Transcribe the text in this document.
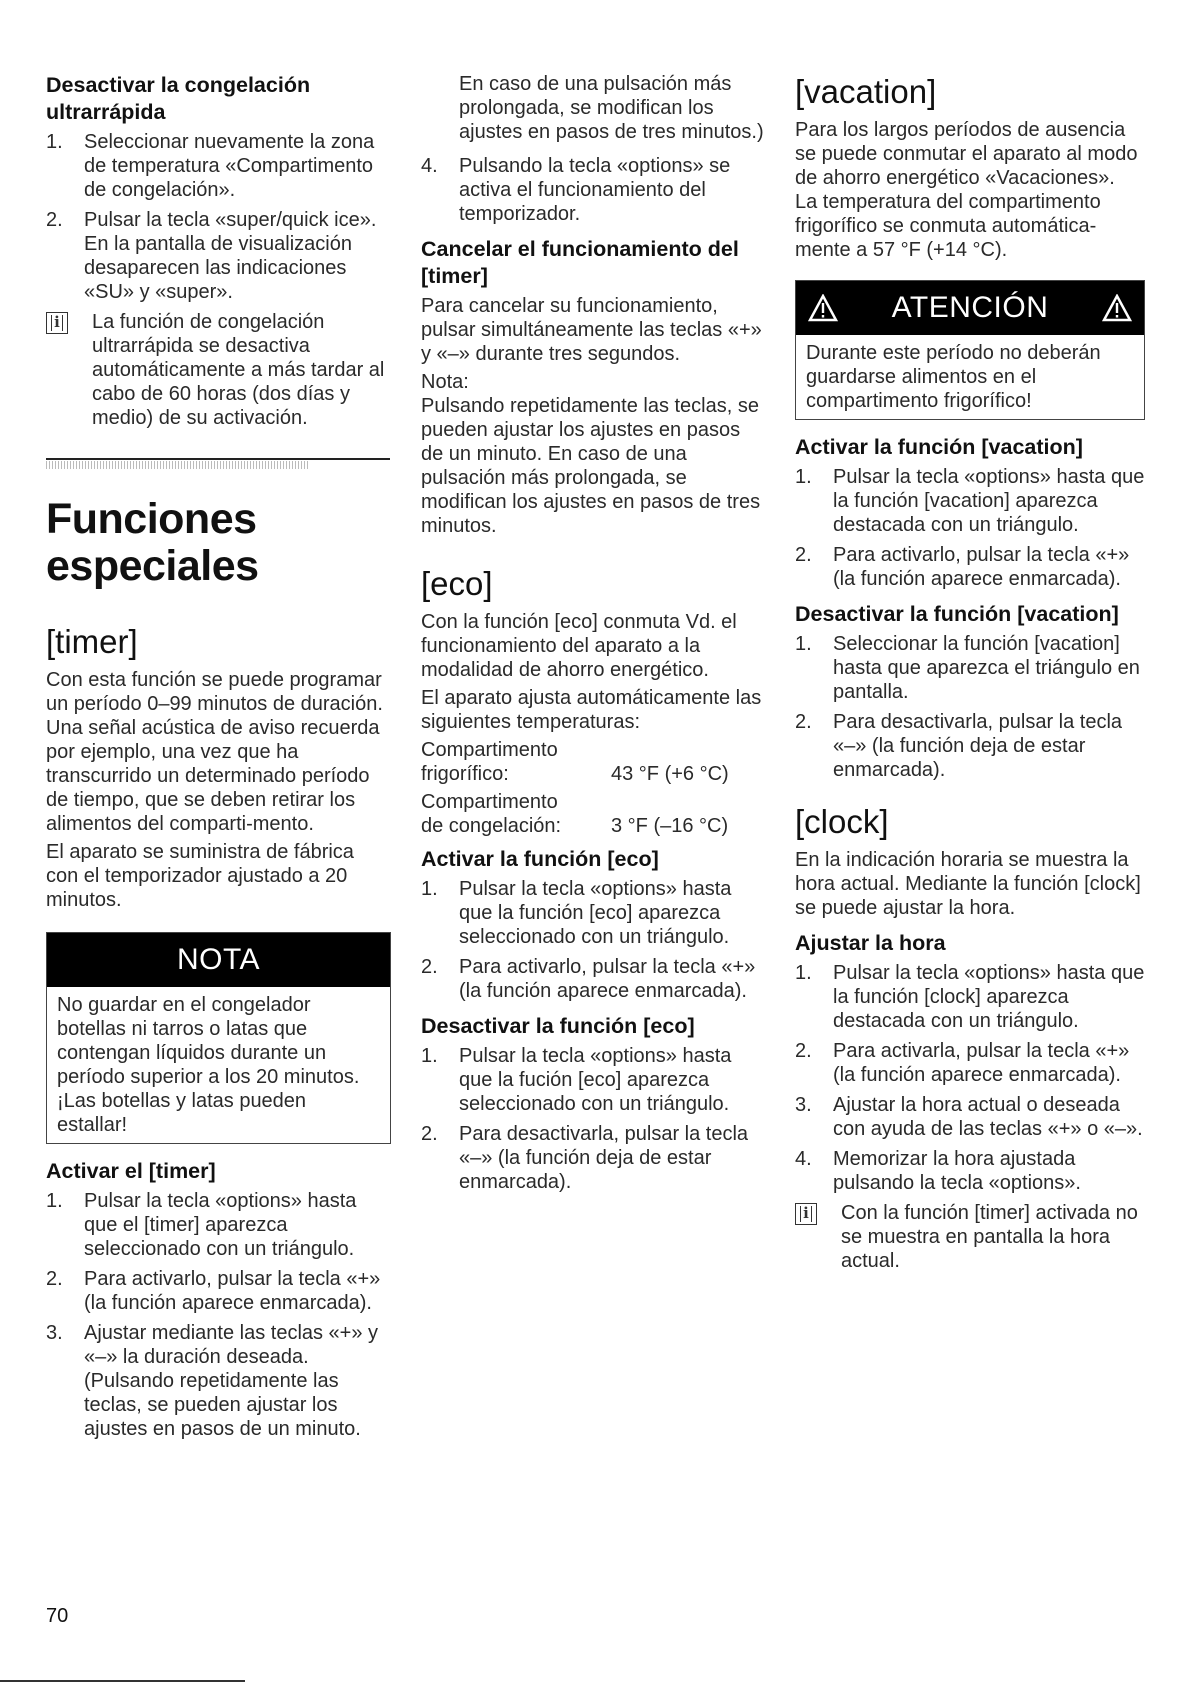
Desactivar la congelación ultrarrápida
1. Seleccionar nuevamente la zona de temperatura «Compartimento de congelación».
2. Pulsar la tecla «super/quick ice». En la pantalla de visualización desaparecen las indicaciones «SU» y «super».
i	La función de congelación ultrarrápida se desactiva automáticamente a más tardar al cabo de 60 horas (dos días y medio) de su activación.

Funciones especiales
[timer]

Con esta función se puede programar un período 0–99 minutos de duración. Una señal acústica de aviso recuerda por ejemplo, una vez que ha transcurrido un determinado período de tiempo, que se deben retirar los alimentos del comparti-mento.

El aparato se suministra de fábrica con el temporizador ajustado a 20 minutos.

NOTA

No guardar en el congelador botellas ni tarros o latas que contengan líquidos durante un período superior a los 20 minutos. ¡Las botellas y latas pueden estallar!

Activar el [timer]
1. Pulsar la tecla «options» hasta que el [timer] aparezca seleccionado con un triángulo.
2. Para activarlo, pulsar la tecla «+» (la función aparece enmarcada).
3. Ajustar mediante las teclas «+» y «–» la duración deseada. (Pulsando repetidamente las teclas, se pueden ajustar los ajustes en pasos de un minuto.

En caso de una pulsación más prolongada, se modifican los ajustes en pasos de tres minutos.)

4. Pulsando la tecla «options» se activa el funcionamiento del temporizador.
Cancelar el funcionamiento del [timer]

Para cancelar su funcionamiento, pulsar simultáneamente las teclas «+» y «–» durante tres segundos.

Nota:

Pulsando repetidamente las teclas, se pueden ajustar los ajustes en pasos de un minuto. En caso de una pulsación más prolongada, se modifican los ajustes en pasos de tres minutos.

[eco]

Con la función [eco] conmuta Vd. el funcionamiento del aparato a la modalidad de ahorro energético.

El aparato ajusta automáticamente las siguientes temperaturas:

Compartimento

frigorífico:	43 °F (+6 °C)

Compartimento

de congelación:	3 °F (–16 °C)

Activar la función [eco]
1. Pulsar la tecla «options» hasta que la función [eco] aparezca seleccionado con un triángulo.
2. Para activarlo, pulsar la tecla «+» (la función aparece enmarcada).
Desactivar la función [eco]
1. Pulsar la tecla «options» hasta que la fución [eco] aparezca seleccionado con un triángulo.
2. Para desactivarla, pulsar la tecla «–» (la función deja de estar enmarcada).
[vacation]

Para los largos períodos de ausencia se puede conmutar el aparato al modo de ahorro energético «Vacaciones».

La temperatura del compartimento frigorífico se conmuta automática-mente a 57 °F (+14 °C).

ATENCIÓN

Durante este período no deberán guardarse alimentos en el compartimento frigorífico!

Activar la función [vacation]
1. Pulsar la tecla «options» hasta que la función [vacation] aparezca destacada con un triángulo.
2. Para activarlo, pulsar la tecla «+» (la función aparece enmarcada).
Desactivar la función [vacation]
1. Seleccionar la función [vacation] hasta que aparezca el triángulo en pantalla.
2. Para desactivarla, pulsar la tecla «–» (la función deja de estar enmarcada).
[clock]

En la indicación horaria se muestra la hora actual. Mediante la función [clock] se puede ajustar la hora.

Ajustar la hora
1. Pulsar la tecla «options» hasta que la función [clock] aparezca destacada con un triángulo.
2. Para activarla, pulsar la tecla «+» (la función aparece enmarcada).
3. Ajustar la hora actual o deseada con ayuda de las teclas «+» o «–».
4. Memorizar la hora ajustada pulsando la tecla «options».
i	Con la función [timer] activada no se muestra en pantalla la hora actual.

70
